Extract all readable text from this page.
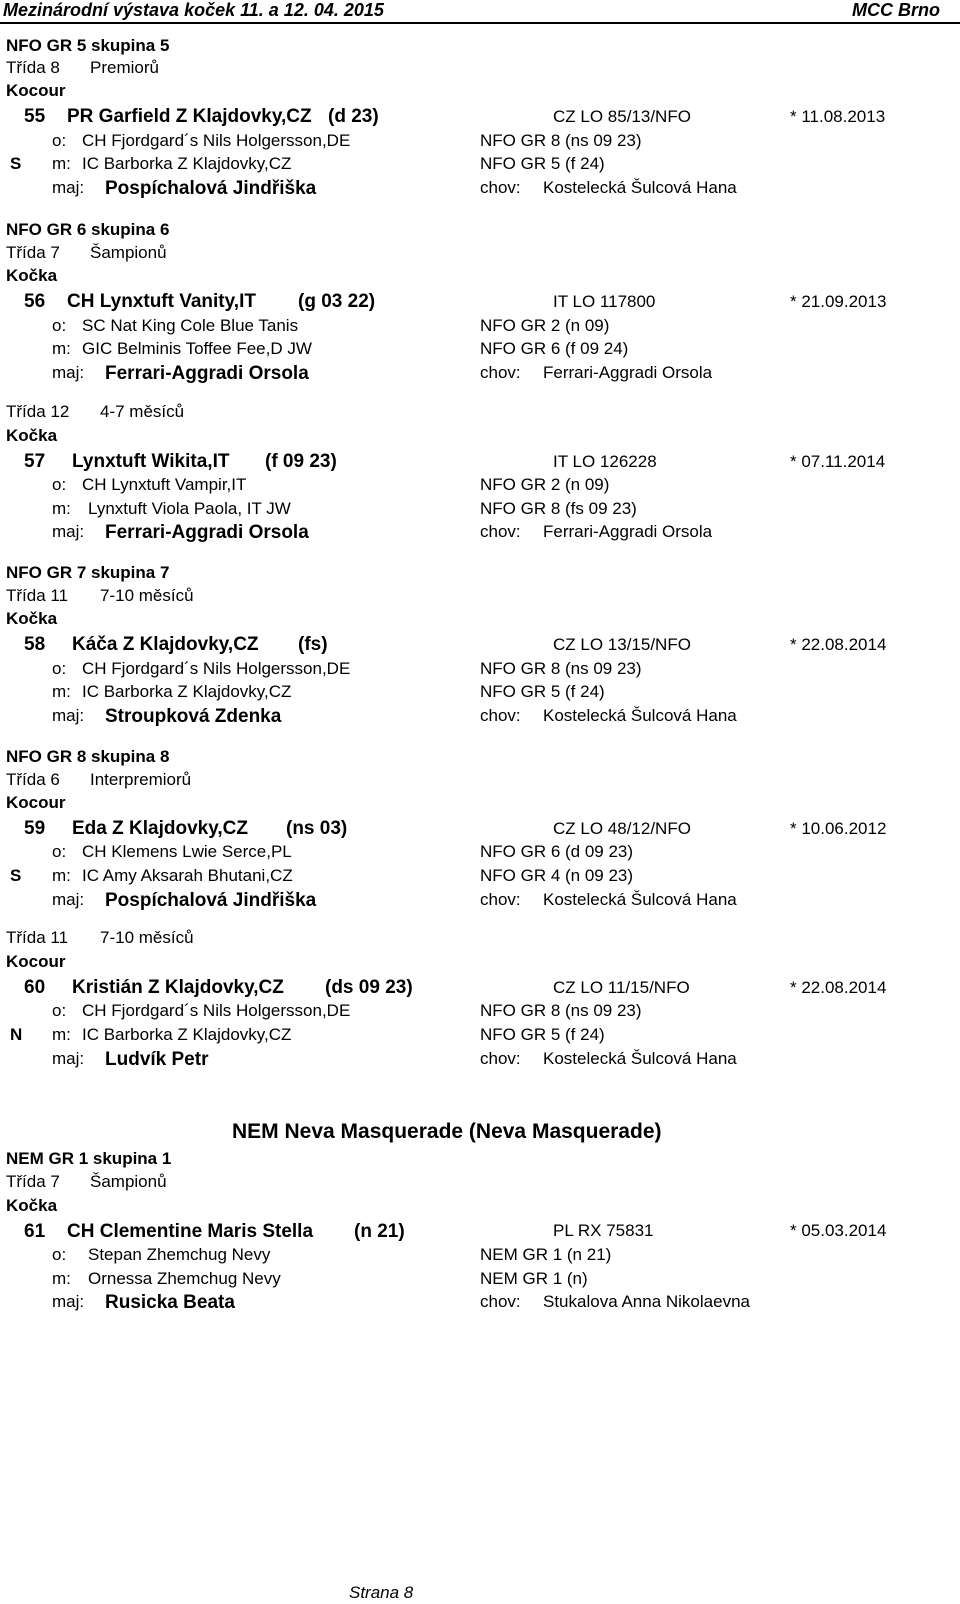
Mezinárodní výstava koček 11. a 12. 04. 2015	MCC Brno
NFO GR 5 skupina 5
Třída 8 Premiorů
Kocour
55 PR Garfield Z Klajdovky,CZ (d 23)	CZ LO 85/13/NFO	* 11.08.2013
o: CH Fjordgard´s Nils Holgersson,DE	NFO GR 8 (ns 09 23)
S m: IC Barborka Z Klajdovky,CZ	NFO GR 5 (f 24)
maj: Pospíchalová Jindřiška	chov: Kostelecká Šulcová Hana
NFO GR 6 skupina 6
Třída 7 Šampionů
Kočka
56 CH Lynxtuft Vanity,IT (g 03 22)	IT LO 117800	* 21.09.2013
o: SC Nat King Cole Blue Tanis	NFO GR 2 (n 09)
m: GIC Belminis Toffee Fee,D JW	NFO GR 6 (f 09 24)
maj: Ferrari-Aggradi Orsola	chov: Ferrari-Aggradi Orsola
Třída 12 4-7 měsíců
Kočka
57 Lynxtuft Wikita,IT (f 09 23)	IT LO 126228	* 07.11.2014
o: CH Lynxtuft Vampir,IT	NFO GR 2 (n 09)
m: Lynxtuft Viola Paola, IT JW	NFO GR 8 (fs 09 23)
maj: Ferrari-Aggradi Orsola	chov: Ferrari-Aggradi Orsola
NFO GR 7 skupina 7
Třída 11 7-10 měsíců
Kočka
58 Káča Z Klajdovky,CZ (fs)	CZ LO 13/15/NFO	* 22.08.2014
o: CH Fjordgard´s Nils Holgersson,DE	NFO GR 8 (ns 09 23)
m: IC Barborka Z Klajdovky,CZ	NFO GR 5 (f 24)
maj: Stroupková Zdenka	chov: Kostelecká Šulcová Hana
NFO GR 8 skupina 8
Třída 6 Interpremiorů
Kocour
59 Eda Z Klajdovky,CZ (ns 03)	CZ LO 48/12/NFO	* 10.06.2012
o: CH Klemens Lwie Serce,PL	NFO GR 6 (d 09 23)
S m: IC Amy Aksarah Bhutani,CZ	NFO GR 4 (n 09 23)
maj: Pospíchalová Jindřiška	chov: Kostelecká Šulcová Hana
Třída 11 7-10 měsíců
Kocour
60 Kristián Z Klajdovky,CZ (ds 09 23)	CZ LO 11/15/NFO	* 22.08.2014
o: CH Fjordgard´s Nils Holgersson,DE	NFO GR 8 (ns 09 23)
N m: IC Barborka Z Klajdovky,CZ	NFO GR 5 (f 24)
maj: Ludvík Petr	chov: Kostelecká Šulcová Hana
NEM Neva Masquerade (Neva Masquerade)
NEM GR 1 skupina 1
Třída 7 Šampionů
Kočka
61 CH Clementine Maris Stella (n 21)	PL RX 75831	* 05.03.2014
o: Stepan Zhemchug Nevy	NEM GR 1 (n 21)
m: Ornessa Zhemchug Nevy	NEM GR 1 (n)
maj: Rusicka Beata	chov: Stukalova Anna Nikolaevna
Strana 8
